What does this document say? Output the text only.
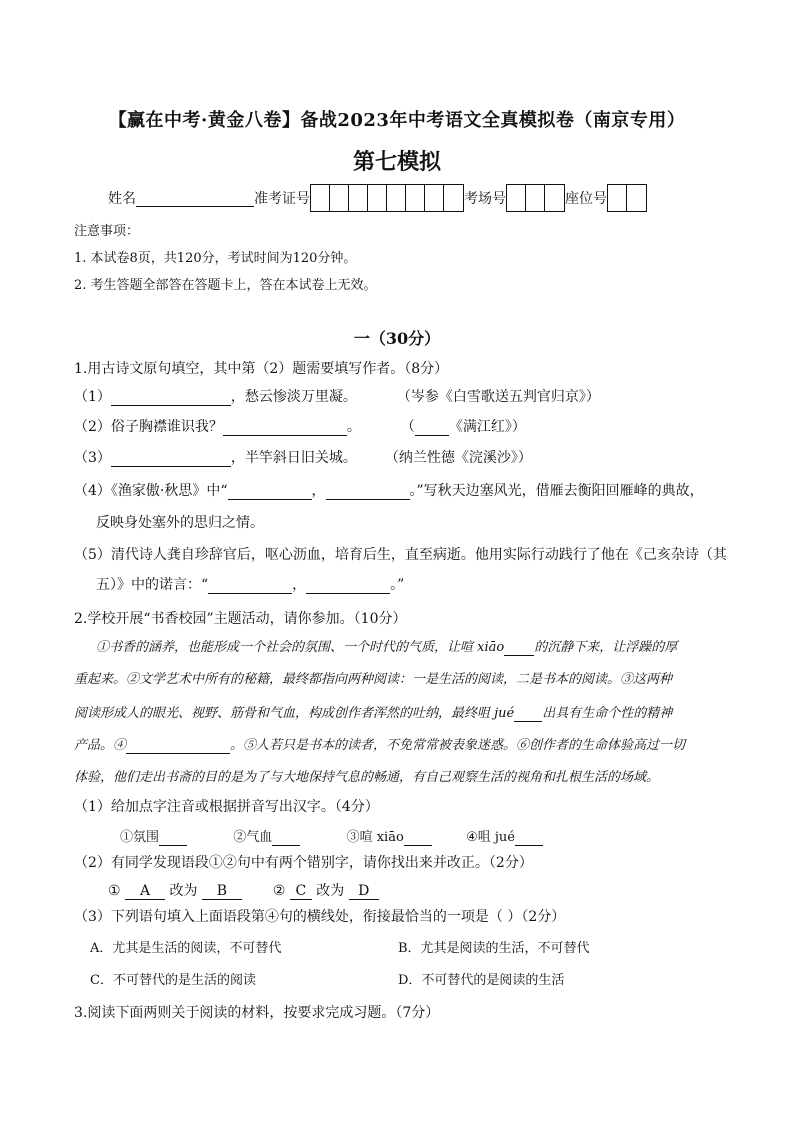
【赢在中考·黄金八卷】备战2023年中考语文全真模拟卷（南京专用）
第七模拟
姓名	准考证号	考场号	座位号
注意事项：
1. 本试卷8页，共120分，考试时间为120分钟。
2. 考生答题全部答在答题卡上，答在本试卷上无效。
一（30分）
1.用古诗文原句填空，其中第（2）题需要填写作者。（8分）
（1）	，愁云惨淡万里凝。	（岑参《白雪歌送五判官归京》）
（2）俗子胸襟谁识我？	。	（ 《满江红》）
（3）	，半竿斜日旧关城。 （纳兰性德《浣溪沙》）
（4）《渔家傲·秋思》中“	，	。”写秋天边塞风光，借雁去衡阳回雁峰的典故，
反映身处塞外的思归之情。
（5）清代诗人龚自珍辞官后，呕心沥血，培育后生，直至病逝。他用实际行动践行了他在《己亥杂诗（其
五）》中的诺言：“	，	。”
2.学校开展“书香校园”主题活动，请你参加。（10分）
①书香的涵养，也能形成一个社会的氛围、一个时代的气质，让喧 xiāo 的沉静下来，让浮躁的厚
重起来。②文学艺术中所有的秘籍，最终都指向两种阅读：一是生活的阅读，二是书本的阅读。③这两种
阅读形成人的眼光、视野、筋骨和气血，构成创作者浑然的吐纳，最终咀 jué 出具有生命个性的精神
产品。④	。⑤人若只是书本的读者，不免常常被表象迷惑。⑥创作者的生命体验高过一切
体验，他们走出书斋的目的是为了与大地保持气息的畅通，有自己观察生活的视角和扎根生活的场域。
（1）给加点字注音或根据拼音写出汉字。（4分）
①氛围	②气血	③喧 xiāo	④咀 jué
（2）有同学发现语段①②句中有两个错别字，请你找出来并改正。（2分）
① A 改为 B	② C 改为 D
（3）下列语句填入上面语段第④句的横线处，衔接最恰当的一项是（ ）（2分）
A．尤其是生活的阅读，不可替代	B．尤其是阅读的生活，不可替代
C．不可替代的是生活的阅读	D．不可替代的是阅读的生活
3.阅读下面两则关于阅读的材料，按要求完成习题。（7分）
